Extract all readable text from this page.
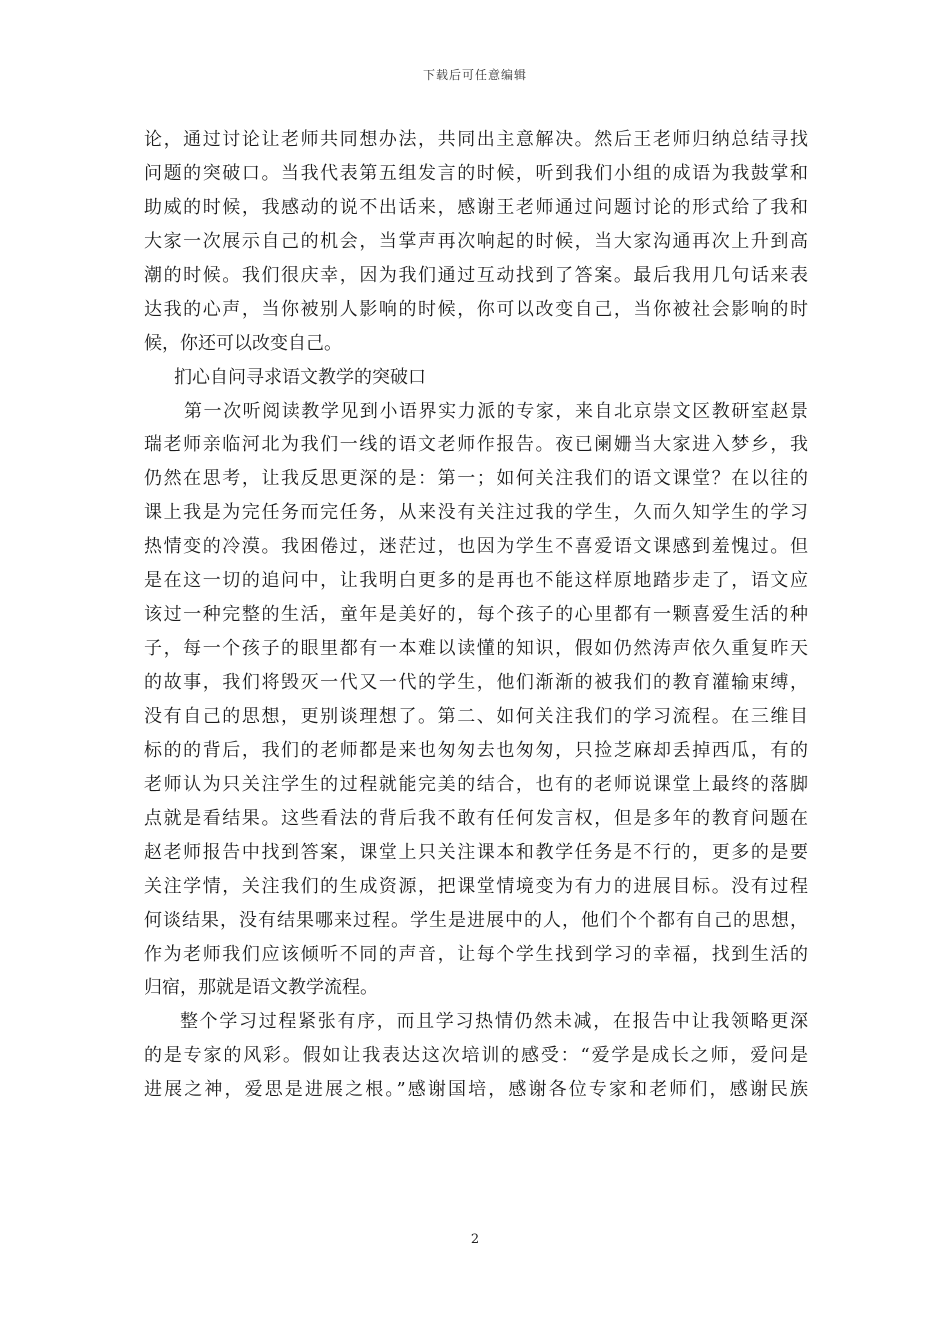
下载后可任意编辑
论，通过讨论让老师共同想办法，共同出主意解决。然后王老师归纳总结寻找
问题的突破口。当我代表第五组发言的时候，听到我们小组的成语为我鼓掌和
助威的时候，我感动的说不出话来，感谢王老师通过问题讨论的形式给了我和
大家一次展示自己的机会，当掌声再次响起的时候，当大家沟通再次上升到高
潮的时候。我们很庆幸，因为我们通过互动找到了答案。最后我用几句话来表
达我的心声，当你被别人影响的时候，你可以改变自己，当你被社会影响的时
候，你还可以改变自己。
扪心自问寻求语文教学的突破口
第一次听阅读教学见到小语界实力派的专家，来自北京崇文区教研室赵景
瑞老师亲临河北为我们一线的语文老师作报告。夜已阑姗当大家进入梦乡，我
仍然在思考，让我反思更深的是：第一；如何关注我们的语文课堂？在以往的
课上我是为完任务而完任务，从来没有关注过我的学生，久而久知学生的学习
热情变的冷漠。我困倦过，迷茫过，也因为学生不喜爱语文课感到羞愧过。但
是在这一切的追问中，让我明白更多的是再也不能这样原地踏步走了，语文应
该过一种完整的生活，童年是美好的，每个孩子的心里都有一颗喜爱生活的种
子，每一个孩子的眼里都有一本难以读懂的知识，假如仍然涛声依久重复昨天
的故事，我们将毁灭一代又一代的学生，他们渐渐的被我们的教育灌输束缚，
没有自己的思想，更别谈理想了。第二、如何关注我们的学习流程。在三维目
标的的背后，我们的老师都是来也匆匆去也匆匆，只捡芝麻却丢掉西瓜，有的
老师认为只关注学生的过程就能完美的结合，也有的老师说课堂上最终的落脚
点就是看结果。这些看法的背后我不敢有任何发言权，但是多年的教育问题在
赵老师报告中找到答案，课堂上只关注课本和教学任务是不行的，更多的是要
关注学情，关注我们的生成资源，把课堂情境变为有力的进展目标。没有过程
何谈结果，没有结果哪来过程。学生是进展中的人，他们个个都有自己的思想，
作为老师我们应该倾听不同的声音，让每个学生找到学习的幸福，找到生活的
归宿，那就是语文教学流程。
整个学习过程紧张有序，而且学习热情仍然未减，在报告中让我领略更深
的是专家的风彩。假如让我表达这次培训的感受：“爱学是成长之师，爱问是
进展之神，爱思是进展之根。”感谢国培，感谢各位专家和老师们，感谢民族
2
